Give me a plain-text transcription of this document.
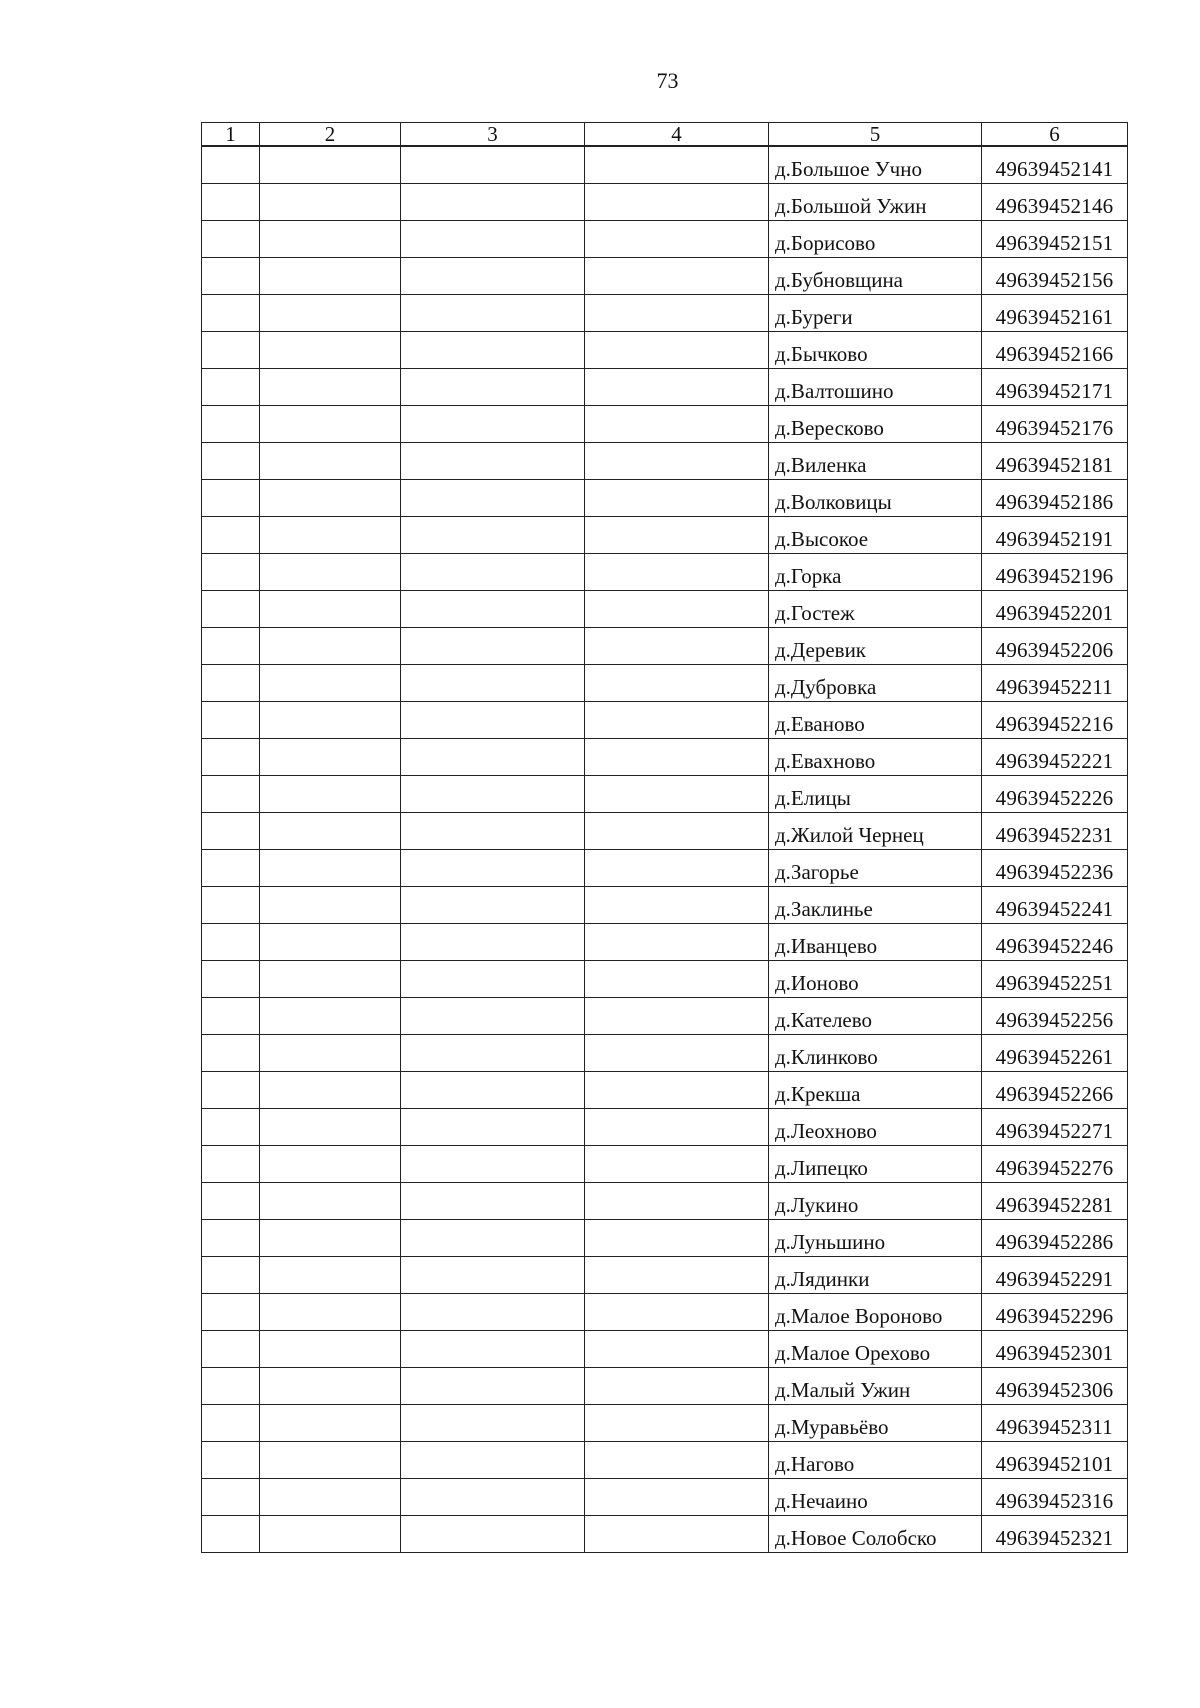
73
1	2	3	4	5	6
				д.Большое Учно	49639452141
				д.Большой Ужин	49639452146
				д.Борисово	49639452151
				д.Бубновщина	49639452156
				д.Буреги	49639452161
				д.Бычково	49639452166
				д.Валтошино	49639452171
				д.Вересково	49639452176
				д.Виленка	49639452181
				д.Волковицы	49639452186
				д.Высокое	49639452191
				д.Горка	49639452196
				д.Гостеж	49639452201
				д.Деревик	49639452206
				д.Дубровка	49639452211
				д.Еваново	49639452216
				д.Евахново	49639452221
				д.Елицы	49639452226
				д.Жилой Чернец	49639452231
				д.Загорье	49639452236
				д.Заклинье	49639452241
				д.Иванцево	49639452246
				д.Ионово	49639452251
				д.Кателево	49639452256
				д.Клинково	49639452261
				д.Крекша	49639452266
				д.Леохново	49639452271
				д.Липецко	49639452276
				д.Лукино	49639452281
				д.Луньшино	49639452286
				д.Лядинки	49639452291
				д.Малое Вороново	49639452296
				д.Малое Орехово	49639452301
				д.Малый Ужин	49639452306
				д.Муравьёво	49639452311
				д.Нагово	49639452101
				д.Нечаино	49639452316
				д.Новое Солобско	49639452321
